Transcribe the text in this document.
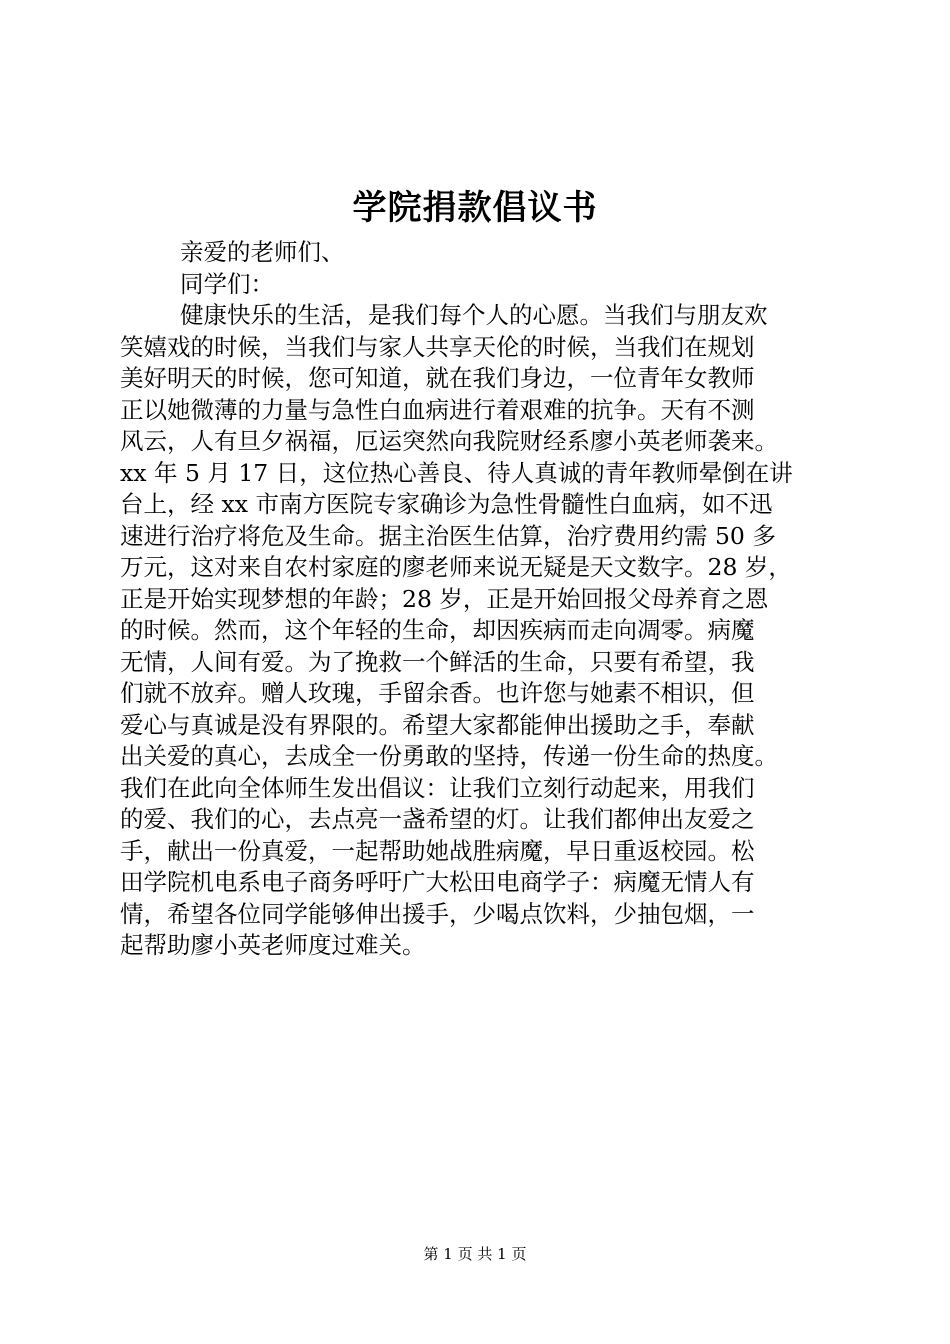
学院捐款倡议书
亲爱的老师们、
同学们：
健康快乐的生活，是我们每个人的心愿。当我们与朋友欢
笑嬉戏的时候，当我们与家人共享天伦的时候，当我们在规划
美好明天的时候，您可知道，就在我们身边，一位青年女教师
正以她微薄的力量与急性白血病进行着艰难的抗争。天有不测
风云，人有旦夕祸福，厄运突然向我院财经系廖小英老师袭来。
xx 年 5 月 17 日，这位热心善良、待人真诚的青年教师晕倒在讲
台上，经 xx 市南方医院专家确诊为急性骨髓性白血病，如不迅
速进行治疗将危及生命。据主治医生估算，治疗费用约需 50 多
万元，这对来自农村家庭的廖老师来说无疑是天文数字。28 岁，
正是开始实现梦想的年龄；28 岁，正是开始回报父母养育之恩
的时候。然而，这个年轻的生命，却因疾病而走向凋零。病魔
无情，人间有爱。为了挽救一个鲜活的生命，只要有希望，我
们就不放弃。赠人玫瑰，手留余香。也许您与她素不相识，但
爱心与真诚是没有界限的。希望大家都能伸出援助之手，奉献
出关爱的真心，去成全一份勇敢的坚持，传递一份生命的热度。
我们在此向全体师生发出倡议：让我们立刻行动起来，用我们
的爱、我们的心，去点亮一盏希望的灯。让我们都伸出友爱之
手，献出一份真爱，一起帮助她战胜病魔，早日重返校园。松
田学院机电系电子商务呼吁广大松田电商学子：病魔无情人有
情，希望各位同学能够伸出援手，少喝点饮料，少抽包烟，一
起帮助廖小英老师度过难关。
第 1 页 共 1 页
